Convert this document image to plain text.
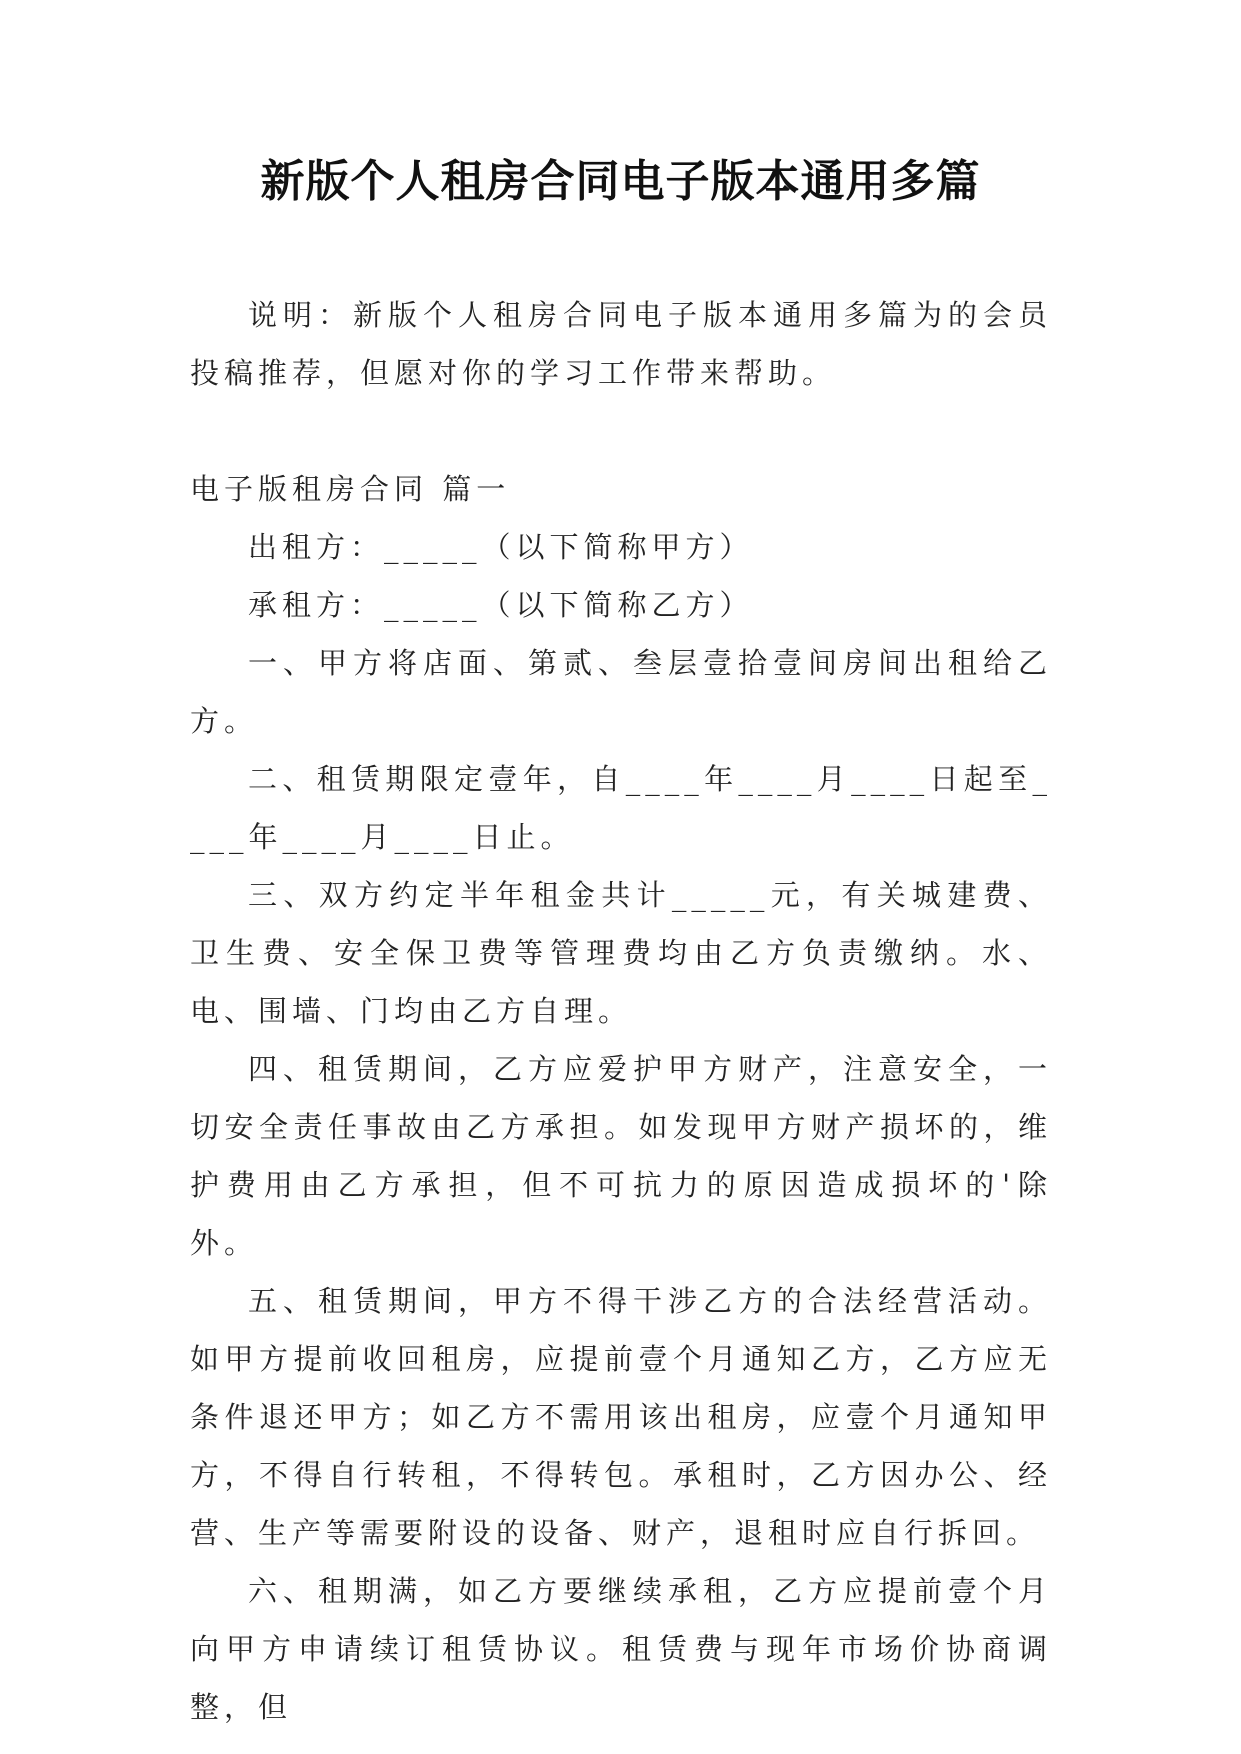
新版个人租房合同电子版本通用多篇

说明：新版个人租房合同电子版本通用多篇为的会员投稿推荐，但愿对你的学习工作带来帮助。

电子版租房合同 篇一

出租方：_____（以下简称甲方）

承租方：_____（以下简称乙方）

一、甲方将店面、第贰、叁层壹拾壹间房间出租给乙方。

二、租赁期限定壹年，自____年____月____日起至____年____月____日止。

三、双方约定半年租金共计_____元，有关城建费、卫生费、安全保卫费等管理费均由乙方负责缴纳。水、电、围墙、门均由乙方自理。

四、租赁期间，乙方应爱护甲方财产，注意安全，一切安全责任事故由乙方承担。如发现甲方财产损坏的，维护费用由乙方承担，但不可抗力的原因造成损坏的'除外。

五、租赁期间，甲方不得干涉乙方的合法经营活动。如甲方提前收回租房，应提前壹个月通知乙方，乙方应无条件退还甲方；如乙方不需用该出租房，应壹个月通知甲方，不得自行转租，不得转包。承租时，乙方因办公、经营、生产等需要附设的设备、财产，退租时应自行拆回。

六、租期满，如乙方要继续承租，乙方应提前壹个月向甲方申请续订租赁协议。租赁费与现年市场价协商调整，但
